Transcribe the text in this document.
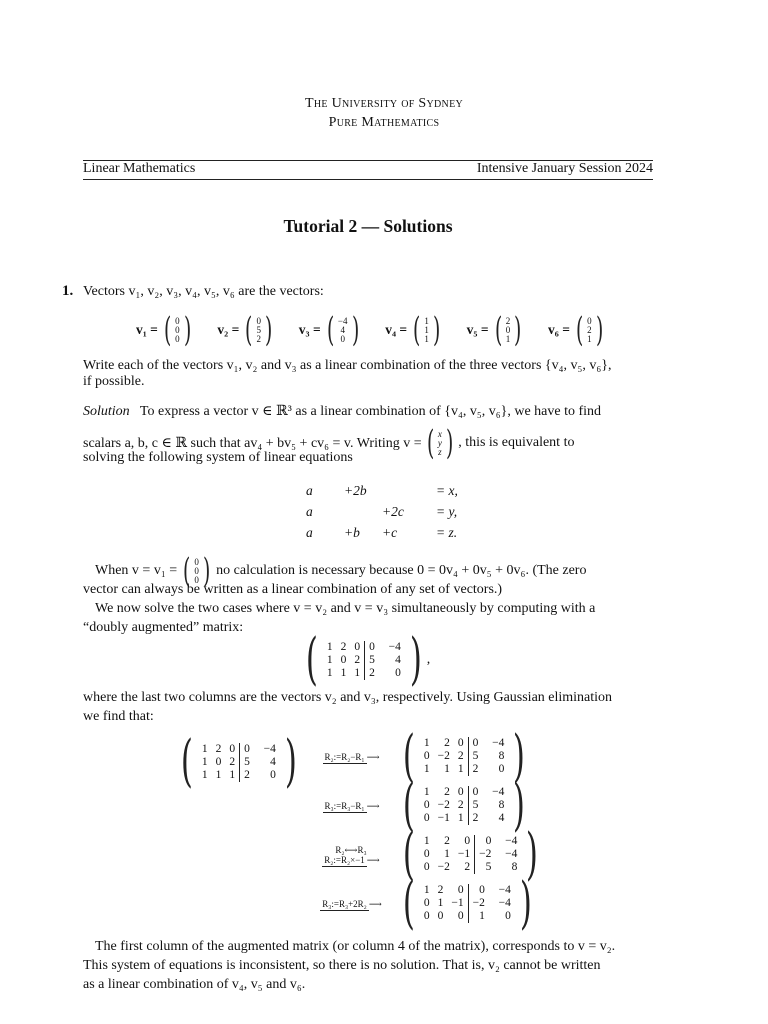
The University of Sydney
Pure Mathematics
Linear Mathematics	Intensive January Session 2024
Tutorial 2 — Solutions
1. Vectors v₁, v₂, v₃, v₄, v₅, v₆ are the vectors:
v₁ = ( 0
0
0 ) v₂ = ( 0
5
2 ) v₃ = ( −4
4
0 ) v₄ = ( 1
1
1 ) v₅ = ( 2
0
1 ) v₆ = ( 0
2
1 )

Write each of the vectors v₁, v₂ and v₃ as a linear combination of the three vectors {v₄, v₅, v₆},

if possible.

Solution To express a vector v ∈ ℝ³ as a linear combination of {v₄, v₅, v₆}, we have to find
scalars a, b, c ∈ ℝ such that av₄ + bv₅ + cv₆ = v. Writing v = ( x
y
z ) , this is equivalent to
solving the following system of linear equations
a	+2b		= x,
a		+2c	= y,
a	+b	+c	= z.
When v = v₁ = ( 0
0
0 ) no calculation is necessary because 0 = 0v₄ + 0v₅ + 0v₆. (The zero
vector can always be written as a linear combination of any set of vectors.)
We now solve the two cases where v = v₂ and v = v₃ simultaneously by computing with a
“doubly augmented” matrix: ( 1	2	0	0	−4
1	0	2	5	4
1	1	1	2	0 ) ,
where the last two columns are the vectors v₂ and v₃, respectively. Using Gaussian elimination
we find that:
( 1	2	0	0	−4
1	0	2	5	4
1	1	1	2	0 )	R₂:=R₂−R₁ ⟶ ( 1	2	0	0	−4
0	−2	2	5	8
1	1	1	2	0 )
R₃:=R₃−R₁ ⟶ ( 1	2	0	0	−4
0	−2	2	5	8
0	−1	1	2	4 )
R₂⟷R₃
R₂:=R₂×−1 ⟶ ( 1	2	0	0	−4
0	1	−1	−2	−4
0	−2	2	5	8 )
R₃:=R₃+2R₂ ⟶ ( 1	2	0	0	−4
0	1	−1	−2	−4
0	0	0	1	0 )
The first column of the augmented matrix (or column 4 of the matrix), corresponds to v = v₂.
This system of equations is inconsistent, so there is no solution. That is, v₂ cannot be written
as a linear combination of v₄, v₅ and v₆.
